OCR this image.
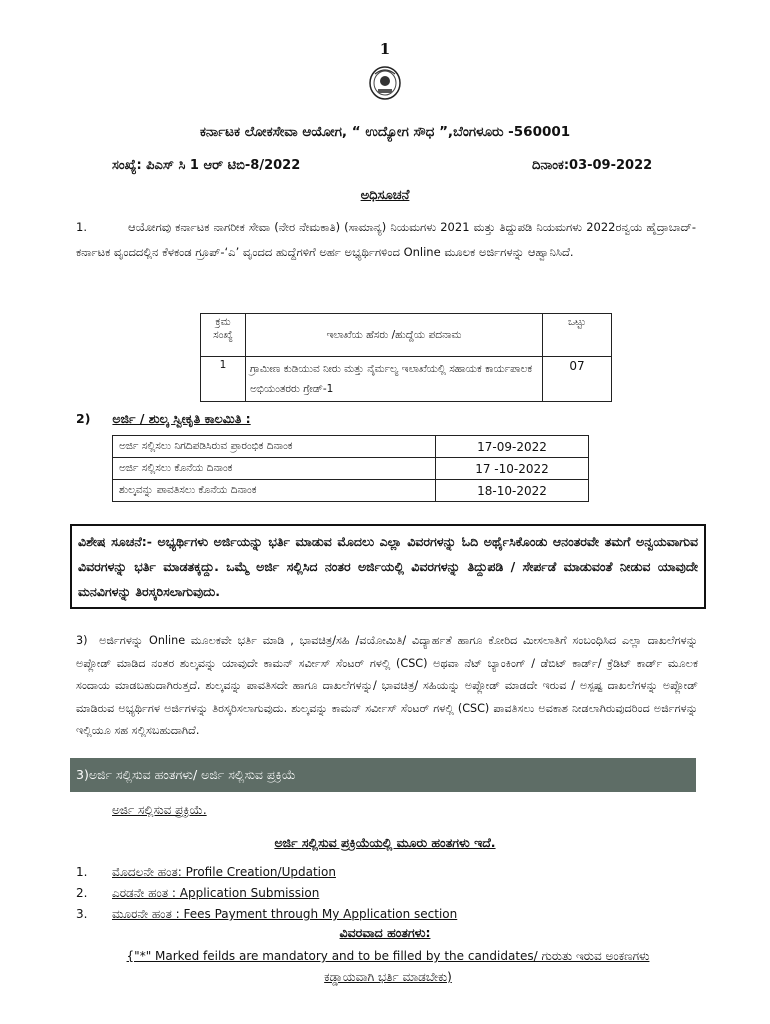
1
ಕರ್ನಾಟಕ ಲೋಕಸೇವಾ ಆಯೋಗ, “ ಉದ್ಯೋಗ ಸೌಧ ”,ಬೆಂಗಳೂರು -560001
ಸಂಖ್ಯೆ: ಪಿಎಸ್ ಸಿ 1 ಆರ್ ಟಿಬಿ-8/2022	ದಿನಾಂಕ:03-09-2022
ಅಧಿಸೂಚನೆ
1.	ಆಯೋಗವು ಕರ್ನಾಟಕ ನಾಗರೀಕ ಸೇವಾ (ನೇರ ನೇಮಕಾತಿ) (ಸಾಮಾನ್ಯ) ನಿಯಮಗಳು 2021 ಮತ್ತು ತಿದ್ದುಪಡಿ ನಿಯಮಗಳು 2022ರನ್ವಯ ಹೈದ್ರಾಬಾದ್-ಕರ್ನಾಟಕ ವೃಂದದಲ್ಲಿನ ಕೆಳಕಂಡ ಗ್ರೂಪ್-‘ಎ’ ವೃಂದದ ಹುದ್ದೆಗಳಿಗೆ ಅರ್ಹ ಅಭ್ಯರ್ಥಿಗಳಿಂದ Online ಮೂಲಕ ಅರ್ಜಿಗಳನ್ನು ಆಹ್ವಾನಿಸಿದೆ.
ಕ್ರಮ ಸಂಖ್ಯೆ	ಇಲಾಖೆಯ ಹೆಸರು /ಹುದ್ದೆಯ ಪದನಾಮ	ಒಟ್ಟು
1	ಗ್ರಾಮೀಣ ಕುಡಿಯುವ ನೀರು ಮತ್ತು ನೈರ್ಮಲ್ಯ ಇಲಾಖೆಯಲ್ಲಿ ಸಹಾಯಕ ಕಾರ್ಯಪಾಲಕ ಅಭಿಯಂತರರು ಗ್ರೇಡ್-1	07
2) ಅರ್ಜಿ / ಶುಲ್ಕ ಸ್ವೀಕೃತಿ ಕಾಲಮಿತಿ :
ಅರ್ಜಿ ಸಲ್ಲಿಸಲು ನಿಗದಿಪಡಿಸಿರುವ ಪ್ರಾರಂಭಿಕ ದಿನಾಂಕ	17-09-2022
ಅರ್ಜಿ ಸಲ್ಲಿಸಲು ಕೊನೆಯ ದಿನಾಂಕ	17 -10-2022
ಶುಲ್ಕವನ್ನು ಪಾವತಿಸಲು ಕೊನೆಯ ದಿನಾಂಕ	18-10-2022
ವಿಶೇಷ ಸೂಚನೆ:- ಅಭ್ಯರ್ಥಿಗಳು ಅರ್ಜಿಯನ್ನು ಭರ್ತಿ ಮಾಡುವ ಮೊದಲು ಎಲ್ಲಾ ವಿವರಗಳನ್ನು ಓದಿ ಅರ್ಥೈಸಿಕೊಂಡು ಆನಂತರವೇ ತಮಗೆ ಅನ್ವಯವಾಗುವ ವಿವರಗಳನ್ನು ಭರ್ತಿ ಮಾಡತಕ್ಕದ್ದು. ಒಮ್ಮೆ ಅರ್ಜಿ ಸಲ್ಲಿಸಿದ ನಂತರ ಅರ್ಜಿಯಲ್ಲಿ ವಿವರಗಳನ್ನು ತಿದ್ದುಪಡಿ / ಸೇರ್ಪಡೆ ಮಾಡುವಂತೆ ನೀಡುವ ಯಾವುದೇ ಮನವಿಗಳನ್ನು ತಿರಸ್ಕರಿಸಲಾಗುವುದು.
3) ಅರ್ಜಿಗಳನ್ನು Online ಮೂಲಕವೇ ಭರ್ತಿ ಮಾಡಿ , ಭಾವಚಿತ್ರ/ಸಹಿ /ವಯೋಮಿತಿ/ ವಿದ್ಯಾರ್ಹತೆ ಹಾಗೂ ಕೋರಿದ ಮೀಸಲಾತಿಗೆ ಸಂಬಂಧಿಸಿದ ಎಲ್ಲಾ ದಾಖಲೆಗಳನ್ನು ಅಪ್ಲೋಡ್ ಮಾಡಿದ ನಂತರ ಶುಲ್ಕವನ್ನು ಯಾವುದೇ ಕಾಮನ್ ಸರ್ವೀಸ್ ಸೆಂಟರ್ ಗಳಲ್ಲಿ (CSC) ಅಥವಾ ನೆಟ್ ಬ್ಯಾಂಕಿಂಗ್ / ಡೆಬಿಟ್ ಕಾರ್ಡ್/ ಕ್ರೆಡಿಟ್ ಕಾರ್ಡ್ ಮೂಲಕ ಸಂದಾಯ ಮಾಡಬಹುದಾಗಿರುತ್ತದೆ. ಶುಲ್ಕವನ್ನು ಪಾವತಿಸದೇ ಹಾಗೂ ದಾಖಲೆಗಳನ್ನು/ ಭಾವಚಿತ್ರ/ ಸಹಿಯನ್ನು ಅಪ್ಲೋಡ್ ಮಾಡದೇ ಇರುವ / ಅಸ್ಪಷ್ಟ ದಾಖಲೆಗಳನ್ನು ಅಪ್ಲೋಡ್ ಮಾಡಿರುವ ಅಭ್ಯರ್ಥಿಗಳ ಅರ್ಜಿಗಳನ್ನು ತಿರಸ್ಕರಿಸಲಾಗುವುದು. ಶುಲ್ಕವನ್ನು ಕಾಮನ್ ಸರ್ವೀಸ್ ಸೆಂಟರ್ ಗಳಲ್ಲಿ (CSC) ಪಾವತಿಸಲು ಅವಕಾಶ ನೀಡಲಾಗಿರುವುದರಿಂದ ಅರ್ಜಿಗಳನ್ನು ಇಲ್ಲಿಯೂ ಸಹ ಸಲ್ಲಿಸಬಹುದಾಗಿದೆ.
3)ಅರ್ಜಿ ಸಲ್ಲಿಸುವ ಹಂತಗಳು/ ಅರ್ಜಿ ಸಲ್ಲಿಸುವ ಪ್ರಕ್ರಿಯೆ
ಅರ್ಜಿ ಸಲ್ಲಿಸುವ ಪ್ರಕ್ರಿಯೆ.
ಅರ್ಜಿ ಸಲ್ಲಿಸುವ ಪ್ರಕ್ರಿಯೆಯಲ್ಲಿ ಮೂರು ಹಂತಗಳು ಇದೆ.
1. ಮೊದಲನೇ ಹಂತ: Profile Creation/Updation
2. ಎರಡನೇ ಹಂತ : Application Submission
3. ಮೂರನೇ ಹಂತ : Fees Payment through My Application section
ವಿವರವಾದ ಹಂತಗಳು:
{"*" Marked feilds are mandatory and to be filled by the candidates/ ಗುರುತು ಇರುವ ಅಂಕಣಗಳು ಕಡ್ಡಾಯವಾಗಿ ಭರ್ತಿ ಮಾಡಬೇಕು)
